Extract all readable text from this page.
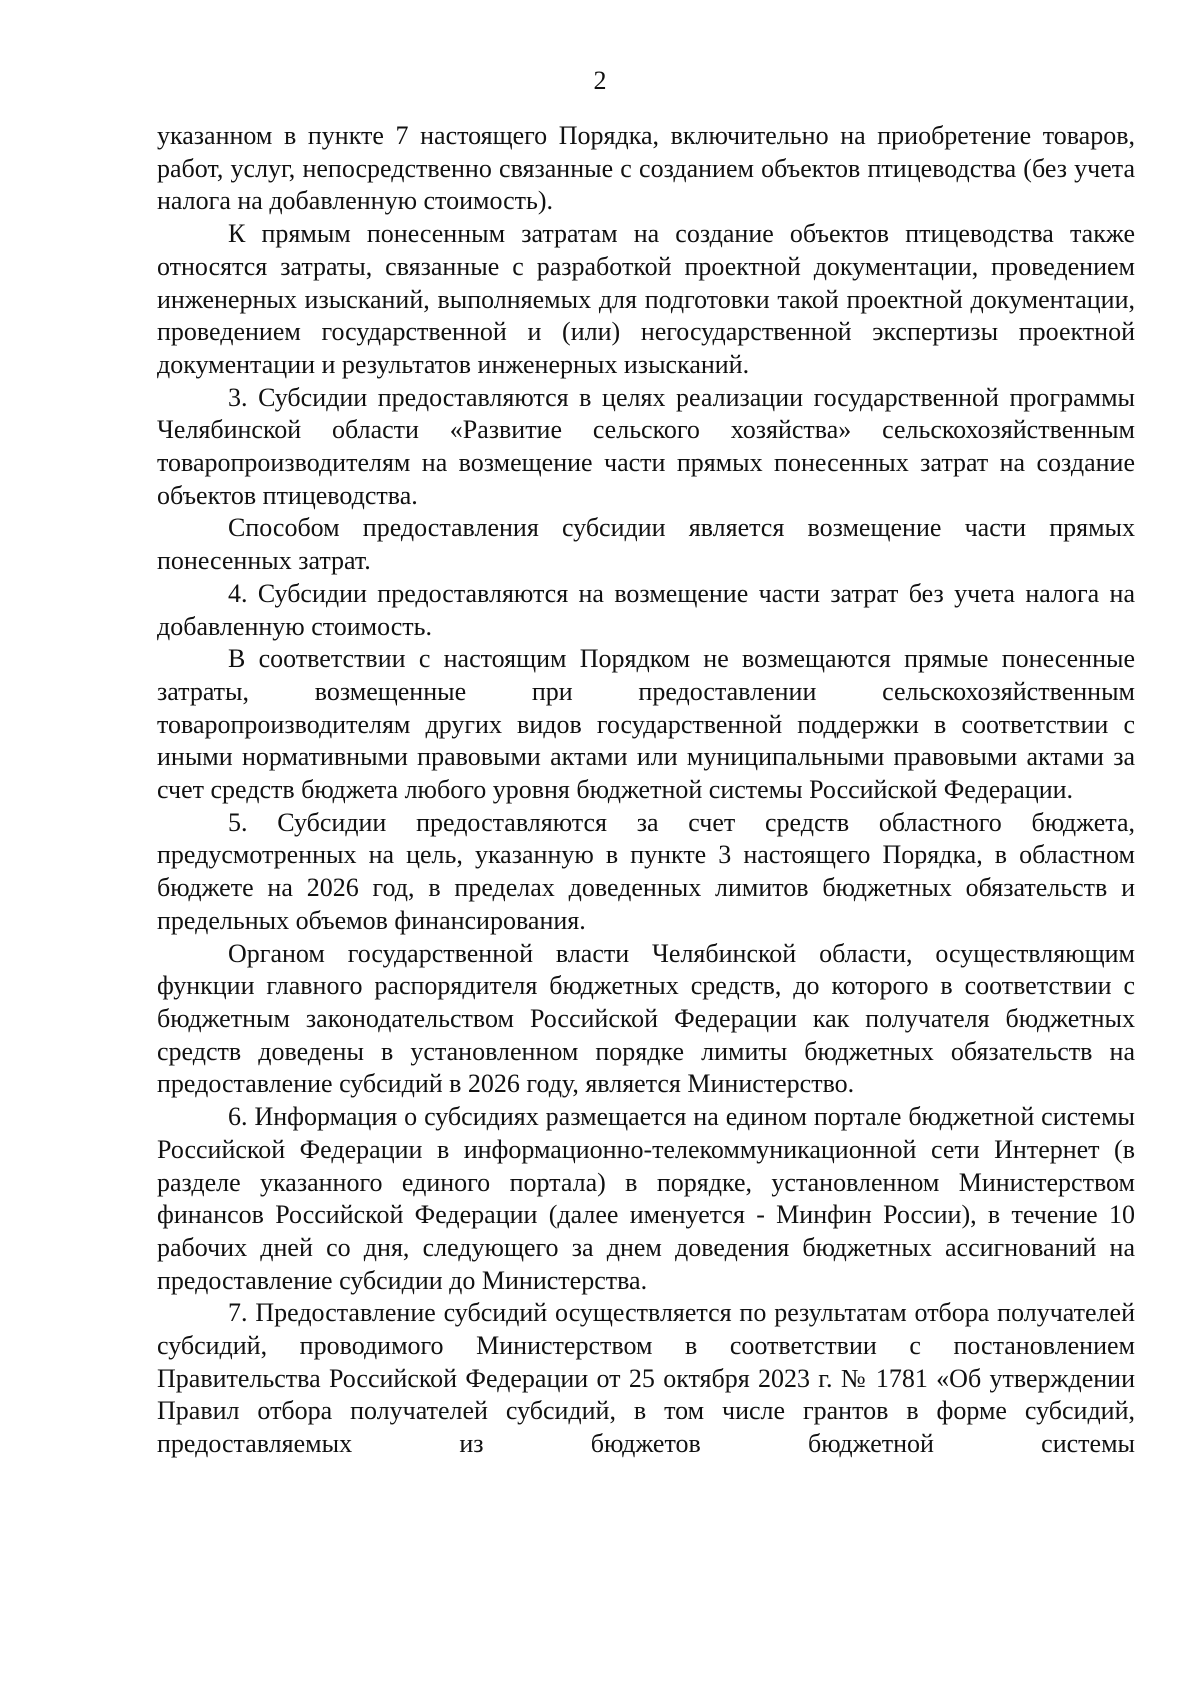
2

указанном в пункте 7 настоящего Порядка, включительно на приобретение товаров, работ, услуг, непосредственно связанные с созданием объектов птицеводства (без учета налога на добавленную стоимость).

К прямым понесенным затратам на создание объектов птицеводства также относятся затраты, связанные с разработкой проектной документации, проведением инженерных изысканий, выполняемых для подготовки такой проектной документации, проведением государственной и (или) негосударственной экспертизы проектной документации и результатов инженерных изысканий.

3. Субсидии предоставляются в целях реализации государственной программы Челябинской области «Развитие сельского хозяйства» сельскохозяйственным товаропроизводителям на возмещение части прямых понесенных затрат на создание объектов птицеводства.

Способом предоставления субсидии является возмещение части прямых понесенных затрат.

4. Субсидии предоставляются на возмещение части затрат без учета налога на добавленную стоимость.

В соответствии с настоящим Порядком не возмещаются прямые понесенные затраты, возмещенные при предоставлении сельскохозяйственным товаропроизводителям других видов государственной поддержки в соответствии с иными нормативными правовыми актами или муниципальными правовыми актами за счет средств бюджета любого уровня бюджетной системы Российской Федерации.

5. Субсидии предоставляются за счет средств областного бюджета, предусмотренных на цель, указанную в пункте 3 настоящего Порядка, в областном бюджете на 2026 год, в пределах доведенных лимитов бюджетных обязательств и предельных объемов финансирования.

Органом государственной власти Челябинской области, осуществляющим функции главного распорядителя бюджетных средств, до которого в соответствии с бюджетным законодательством Российской Федерации как получателя бюджетных средств доведены в установленном порядке лимиты бюджетных обязательств на предоставление субсидий в 2026 году, является Министерство.

6. Информация о субсидиях размещается на едином портале бюджетной системы Российской Федерации в информационно-телекоммуникационной сети Интернет (в разделе указанного единого портала) в порядке, установленном Министерством финансов Российской Федерации (далее именуется - Минфин России), в течение 10 рабочих дней со дня, следующего за днем доведения бюджетных ассигнований на предоставление субсидии до Министерства.

7. Предоставление субсидий осуществляется по результатам отбора получателей субсидий, проводимого Министерством в соответствии с постановлением Правительства Российской Федерации от 25 октября 2023 г. № 1781 «Об утверждении Правил отбора получателей субсидий, в том числе грантов в форме субсидий, предоставляемых из бюджетов бюджетной системы
